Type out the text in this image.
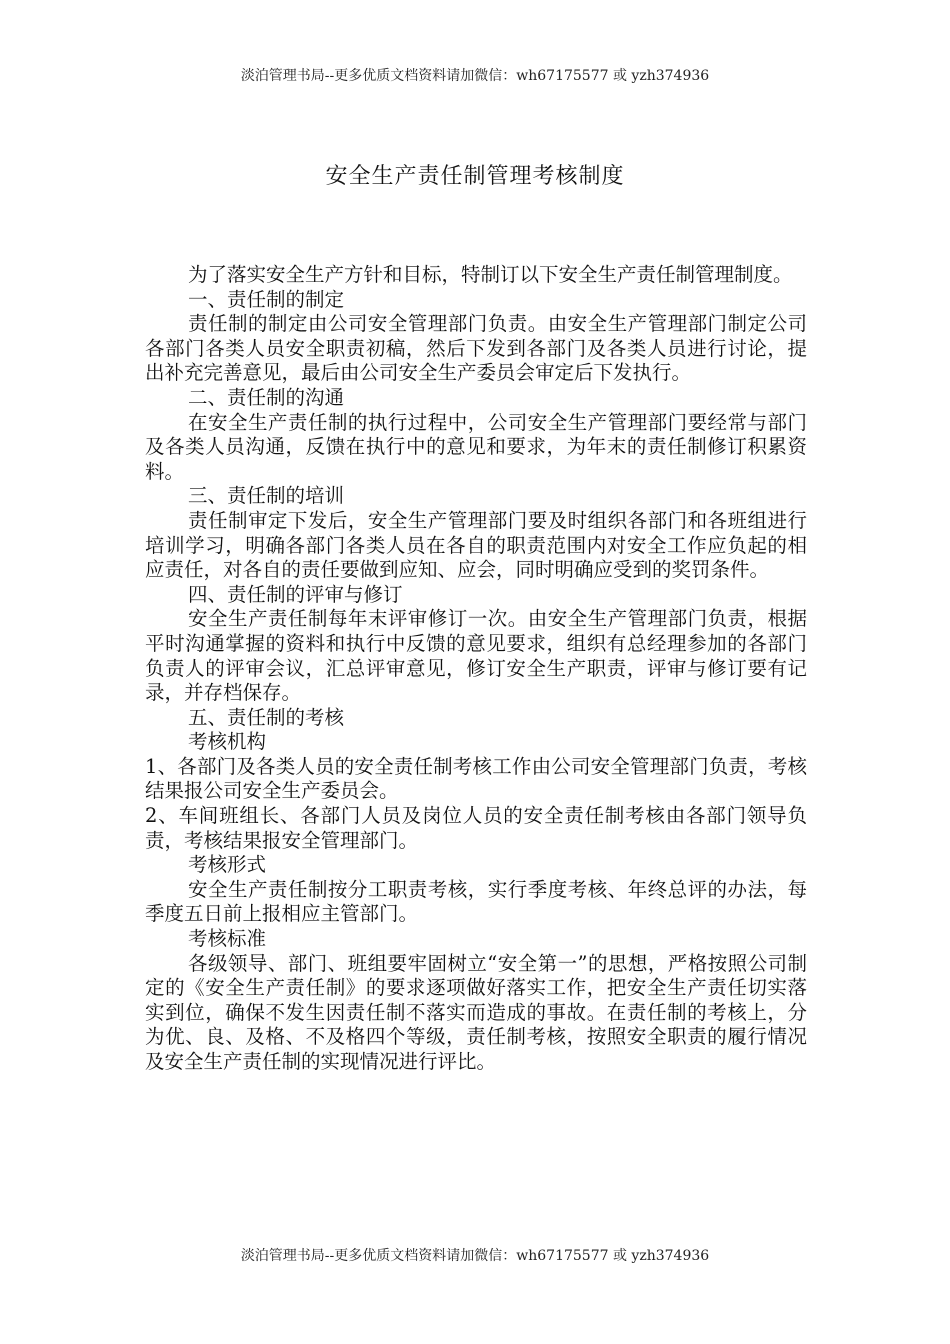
淡泊管理书局--更多优质文档资料请加微信：wh67175577 或 yzh374936
安全生产责任制管理考核制度

为了落实安全生产方针和目标，特制订以下安全生产责任制管理制度。

一、责任制的制定

责任制的制定由公司安全管理部门负责。由安全生产管理部门制定公司各部门各类人员安全职责初稿，然后下发到各部门及各类人员进行讨论，提出补充完善意见，最后由公司安全生产委员会审定后下发执行。

二、责任制的沟通

在安全生产责任制的执行过程中，公司安全生产管理部门要经常与部门及各类人员沟通，反馈在执行中的意见和要求，为年末的责任制修订积累资料。

三、责任制的培训

责任制审定下发后，安全生产管理部门要及时组织各部门和各班组进行培训学习，明确各部门各类人员在各自的职责范围内对安全工作应负起的相应责任，对各自的责任要做到应知、应会，同时明确应受到的奖罚条件。

四、责任制的评审与修订

安全生产责任制每年末评审修订一次。由安全生产管理部门负责，根据平时沟通掌握的资料和执行中反馈的意见要求，组织有总经理参加的各部门负责人的评审会议，汇总评审意见，修订安全生产职责，评审与修订要有记录，并存档保存。

五、责任制的考核

考核机构

1、各部门及各类人员的安全责任制考核工作由公司安全管理部门负责，考核结果报公司安全生产委员会。

2、车间班组长、各部门人员及岗位人员的安全责任制考核由各部门领导负责，考核结果报安全管理部门。

考核形式

安全生产责任制按分工职责考核，实行季度考核、年终总评的办法，每季度五日前上报相应主管部门。

考核标准

各级领导、部门、班组要牢固树立“安全第一”的思想，严格按照公司制定的《安全生产责任制》的要求逐项做好落实工作，把安全生产责任切实落实到位，确保不发生因责任制不落实而造成的事故。在责任制的考核上，分为优、良、及格、不及格四个等级，责任制考核，按照安全职责的履行情况及安全生产责任制的实现情况进行评比。

淡泊管理书局--更多优质文档资料请加微信：wh67175577 或 yzh374936
